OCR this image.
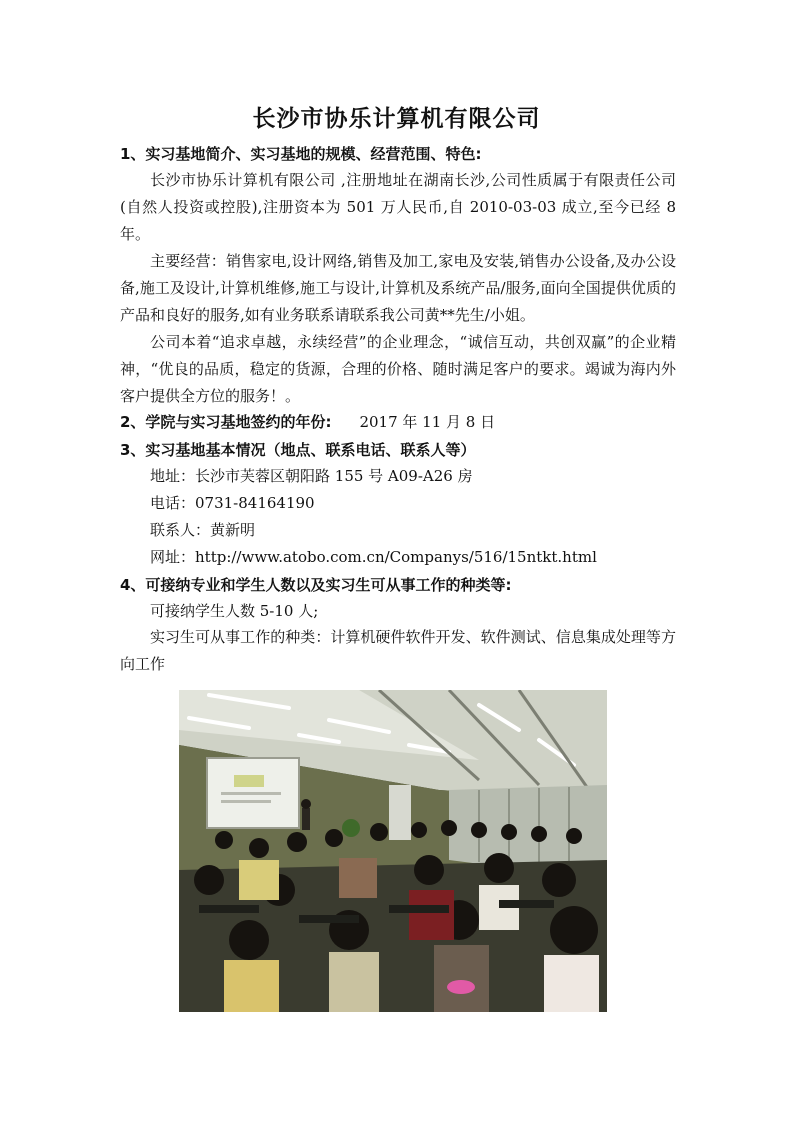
长沙市协乐计算机有限公司
1、实习基地简介、实习基地的规模、经营范围、特色:
长沙市协乐计算机有限公司 ,注册地址在湖南长沙,公司性质属于有限责任公司(自然人投资或控股),注册资本为 501 万人民币,自 2010-03-03 成立,至今已经 8 年。
主要经营：销售家电,设计网络,销售及加工,家电及安装,销售办公设备,及办公设备,施工及设计,计算机维修,施工与设计,计算机及系统产品/服务,面向全国提供优质的产品和良好的服务,如有业务联系请联系我公司黄**先生/小姐。
公司本着“追求卓越，永续经营”的企业理念，“诚信互动，共创双赢”的企业精神，“优良的品质，稳定的货源，合理的价格、随时满足客户的要求。竭诚为海内外客户提供全方位的服务！。
2、学院与实习基地签约的年份: 2017 年 11 月 8 日
3、实习基地基本情况（地点、联系电话、联系人等）
地址：长沙市芙蓉区朝阳路 155 号 A09-A26 房
电话：0731-84164190
联系人：黄新明
网址：http://www.atobo.com.cn/Companys/516/15ntkt.html
4、可接纳专业和学生人数以及实习生可从事工作的种类等:
可接纳学生人数 5-10 人;
实习生可从事工作的种类：计算机硬件软件开发、软件测试、信息集成处理等方向工作
